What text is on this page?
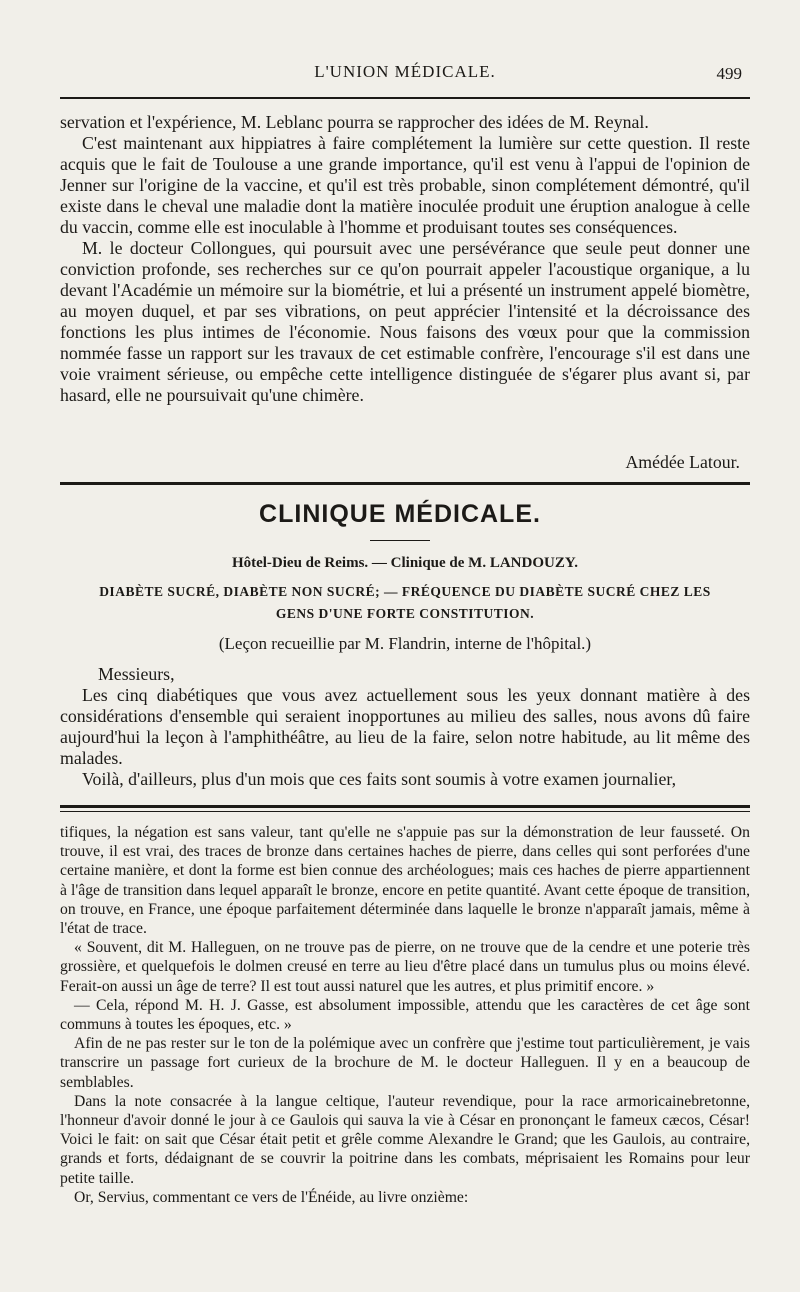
L'UNION MÉDICALE.	499

servation et l'expérience, M. Leblanc pourra se rapprocher des idées de M. Reynal.

C'est maintenant aux hippiatres à faire complétement la lumière sur cette question. Il reste acquis que le fait de Toulouse a une grande importance, qu'il est venu à l'appui de l'opinion de Jenner sur l'origine de la vaccine, et qu'il est très probable, sinon complétement démontré, qu'il existe dans le cheval une maladie dont la matière inoculée produit une éruption analogue à celle du vaccin, comme elle est inoculable à l'homme et produisant toutes ses conséquences.

M. le docteur Collongues, qui poursuit avec une persévérance que seule peut donner une conviction profonde, ses recherches sur ce qu'on pourrait appeler l'acoustique organique, a lu devant l'Académie un mémoire sur la biométrie, et lui a présenté un instrument appelé biomètre, au moyen duquel, et par ses vibrations, on peut apprécier l'intensité et la décroissance des fonctions les plus intimes de l'économie. Nous faisons des vœux pour que la commission nommée fasse un rapport sur les travaux de cet estimable confrère, l'encourage s'il est dans une voie vraiment sérieuse, ou empêche cette intelligence distinguée de s'égarer plus avant si, par hasard, elle ne poursuivait qu'une chimère.

Amédée Latour.
CLINIQUE MÉDICALE.
Hôtel-Dieu de Reims. — Clinique de M. LANDOUZY.
DIABÈTE SUCRÉ, DIABÈTE NON SUCRÉ; — FRÉQUENCE DU DIABÈTE SUCRÉ CHEZ LES
GENS D'UNE FORTE CONSTITUTION.
(Leçon recueillie par M. Flandrin, interne de l'hôpital.)

Messieurs,

Les cinq diabétiques que vous avez actuellement sous les yeux donnant matière à des considérations d'ensemble qui seraient inopportunes au milieu des salles, nous avons dû faire aujourd'hui la leçon à l'amphithéâtre, au lieu de la faire, selon notre habitude, au lit même des malades.

Voilà, d'ailleurs, plus d'un mois que ces faits sont soumis à votre examen journalier,

tifiques, la négation est sans valeur, tant qu'elle ne s'appuie pas sur la démonstration de leur fausseté. On trouve, il est vrai, des traces de bronze dans certaines haches de pierre, dans celles qui sont perforées d'une certaine manière, et dont la forme est bien connue des archéologues; mais ces haches de pierre appartiennent à l'âge de transition dans lequel apparaît le bronze, encore en petite quantité. Avant cette époque de transition, on trouve, en France, une époque parfaitement déterminée dans laquelle le bronze n'apparaît jamais, même à l'état de trace.

« Souvent, dit M. Halleguen, on ne trouve pas de pierre, on ne trouve que de la cendre et une poterie très grossière, et quelquefois le dolmen creusé en terre au lieu d'être placé dans un tumulus plus ou moins élevé. Ferait-on aussi un âge de terre? Il est tout aussi naturel que les autres, et plus primitif encore. »

— Cela, répond M. H. J. Gasse, est absolument impossible, attendu que les caractères de cet âge sont communs à toutes les époques, etc. »

Afin de ne pas rester sur le ton de la polémique avec un confrère que j'estime tout particulièrement, je vais transcrire un passage fort curieux de la brochure de M. le docteur Halleguen. Il y en a beaucoup de semblables.

Dans la note consacrée à la langue celtique, l'auteur revendique, pour la race armoricainebretonne, l'honneur d'avoir donné le jour à ce Gaulois qui sauva la vie à César en prononçant le fameux cæcos, César! Voici le fait: on sait que César était petit et grêle comme Alexandre le Grand; que les Gaulois, au contraire, grands et forts, dédaignant de se couvrir la poitrine dans les combats, méprisaient les Romains pour leur petite taille.

Or, Servius, commentant ce vers de l'Énéide, au livre onzième:
